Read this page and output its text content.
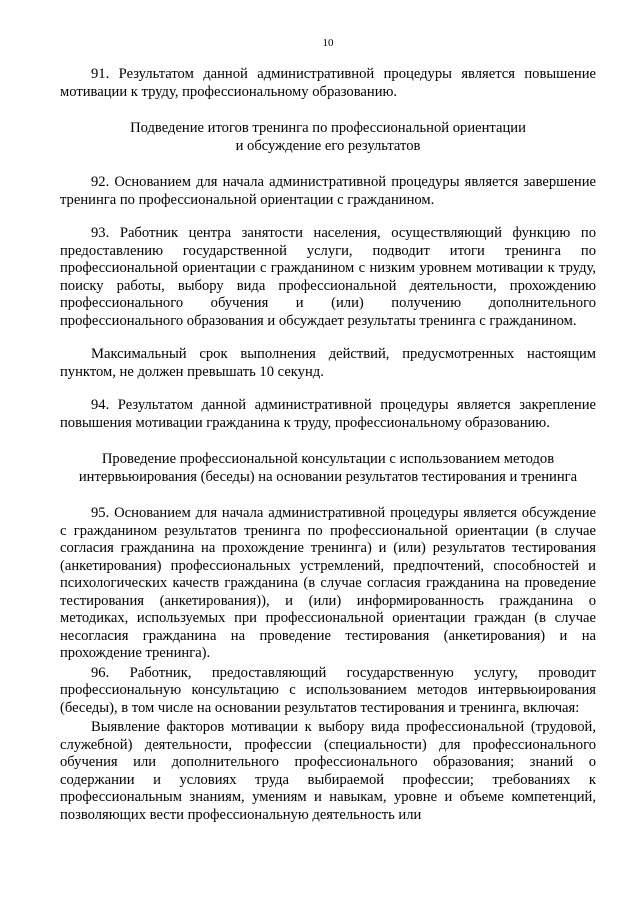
10

91. Результатом данной административной процедуры является повышение мотивации к труду, профессиональному образованию.

Подведение итогов тренинга по профессиональной ориентации
и обсуждение его результатов

92. Основанием для начала административной процедуры является завершение тренинга по профессиональной ориентации с гражданином.

93. Работник центра занятости населения, осуществляющий функцию по предоставлению государственной услуги, подводит итоги тренинга по профессиональной ориентации с гражданином с низким уровнем мотивации к труду, поиску работы, выбору вида профессиональной деятельности, прохождению профессионального обучения и (или) получению дополнительного профессионального образования и обсуждает результаты тренинга с гражданином.

Максимальный срок выполнения действий, предусмотренных настоящим пунктом, не должен превышать 10 секунд.

94. Результатом данной административной процедуры является закрепление повышения мотивации гражданина к труду, профессиональному образованию.

Проведение профессиональной консультации с использованием методов
интервьюирования (беседы) на основании результатов тестирования и тренинга

95. Основанием для начала административной процедуры является обсуждение с гражданином результатов тренинга по профессиональной ориентации (в случае согласия гражданина на прохождение тренинга) и (или) результатов тестирования (анкетирования) профессиональных устремлений, предпочтений, способностей и психологических качеств гражданина (в случае согласия гражданина на проведение тестирования (анкетирования)), и (или) информированность гражданина о методиках, используемых при профессиональной ориентации граждан (в случае несогласия гражданина на проведение тестирования (анкетирования) и на прохождение тренинга).

96. Работник, предоставляющий государственную услугу, проводит профессиональную консультацию с использованием методов интервьюирования (беседы), в том числе на основании результатов тестирования и тренинга, включая:

Выявление факторов мотивации к выбору вида профессиональной (трудовой, служебной) деятельности, профессии (специальности) для профессионального обучения или дополнительного профессионального образования; знаний о содержании и условиях труда выбираемой профессии; требованиях к профессиональным знаниям, умениям и навыкам, уровне и объеме компетенций, позволяющих вести профессиональную деятельность или
